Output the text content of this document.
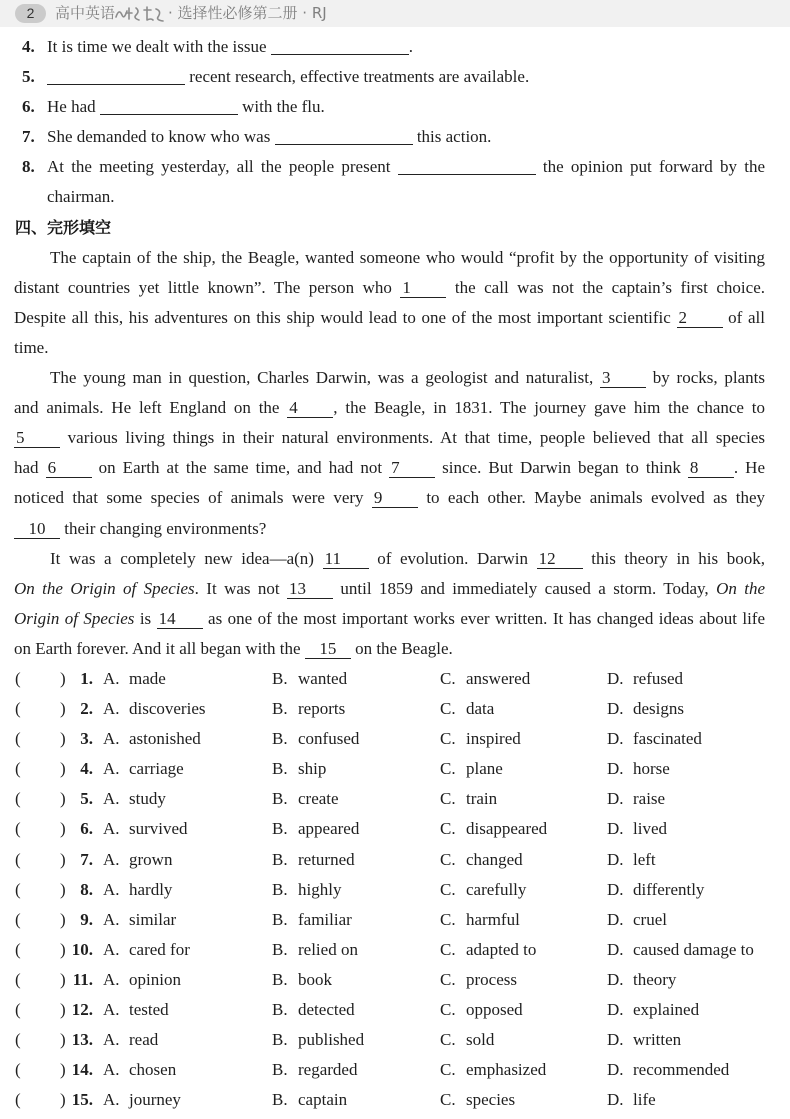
2	高中英语	· 选择性必修第二册 · RJ
4. It is time we dealt with the issue	.
5.	recent research, effective treatments are available.
6. He had	with the flu.
7. She demanded to know who was	this action.
8. At the meeting yesterday, all the people present	the opinion put forward by the
chairman.
四、完形填空
The captain of the ship, the Beagle, wanted someone who would “profit by the opportunity of visiting
distant countries yet little known”. The person who 1 the call was not the captain’s first choice.
Despite all this, his adventures on this ship would lead to one of the most important scientific 2 of all
time.
The young man in question, Charles Darwin, was a geologist and naturalist, 3 by rocks, plants
and animals. He left England on the 4 , the Beagle, in 1831. The journey gave him the chance to
5 various living things in their natural environments. At that time, people believed that all species
had 6 on Earth at the same time, and had not 7 since. But Darwin began to think 8 . He
noticed that some species of animals were very 9 to each other. Maybe animals evolved as they
10 their changing environments?
It was a completely new idea—a(n) 11 of evolution. Darwin 12 this theory in his book,
On the Origin of Species. It was not 13 until 1859 and immediately caused a storm. Today, On the
Origin of Species is 14 as one of the most important works ever written. It has changed ideas about life
on Earth forever. And it all began with the 15 on the Beagle.
( ) 1. A. made	B. wanted	C. answered	D. refused
( ) 2. A. discoveries	B. reports	C. data	D. designs
( ) 3. A. astonished	B. confused	C. inspired	D. fascinated
( ) 4. A. carriage	B. ship	C. plane	D. horse
( ) 5. A. study	B. create	C. train	D. raise
( ) 6. A. survived	B. appeared	C. disappeared	D. lived
( ) 7. A. grown	B. returned	C. changed	D. left
( ) 8. A. hardly	B. highly	C. carefully	D. differently
( ) 9. A. similar	B. familiar	C. harmful	D. cruel
( ) 10. A. cared for	B. relied on	C. adapted to	D. caused damage to
( ) 11. A. opinion	B. book	C. process	D. theory
( ) 12. A. tested	B. detected	C. opposed	D. explained
( ) 13. A. read	B. published	C. sold	D. written
( ) 14. A. chosen	B. regarded	C. emphasized	D. recommended
( ) 15. A. journey	B. captain	C. species	D. life
